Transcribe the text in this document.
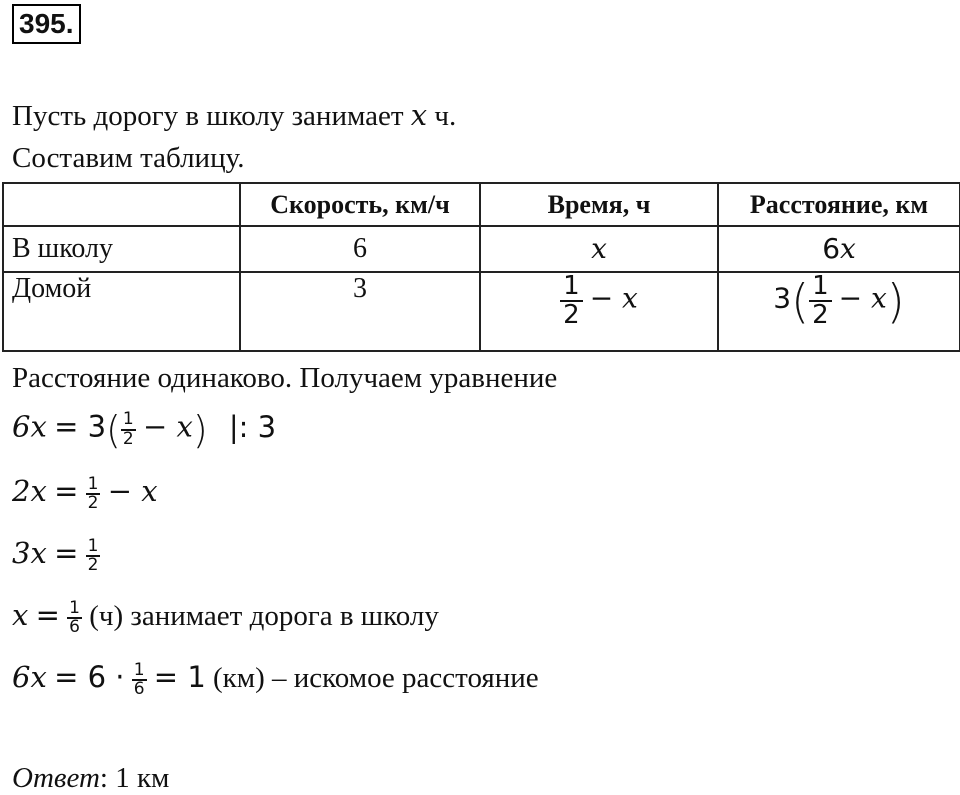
395.
Пусть дорогу в школу занимает x ч.
Составим таблицу.
	Скорость, км/ч	Время, ч	Расстояние, км
В школу	6	x	6x
Домой	3	$\frac{1}{2} - x$	$3( \frac{1}{2} - x)$
Расстояние одинаково. Получаем уравнение
$6x = 3( \frac{1}{2} - x)$ |: 3
$2x = \frac{1}{2} - x$
$3x = \frac{1}{2}$
$x = \frac{1}{6} (ч)$ занимает дорога в школу
$6x = 6 \cdot \frac{1}{6} = 1$ (км) – искомое расстояние
Ответ: 1 км
